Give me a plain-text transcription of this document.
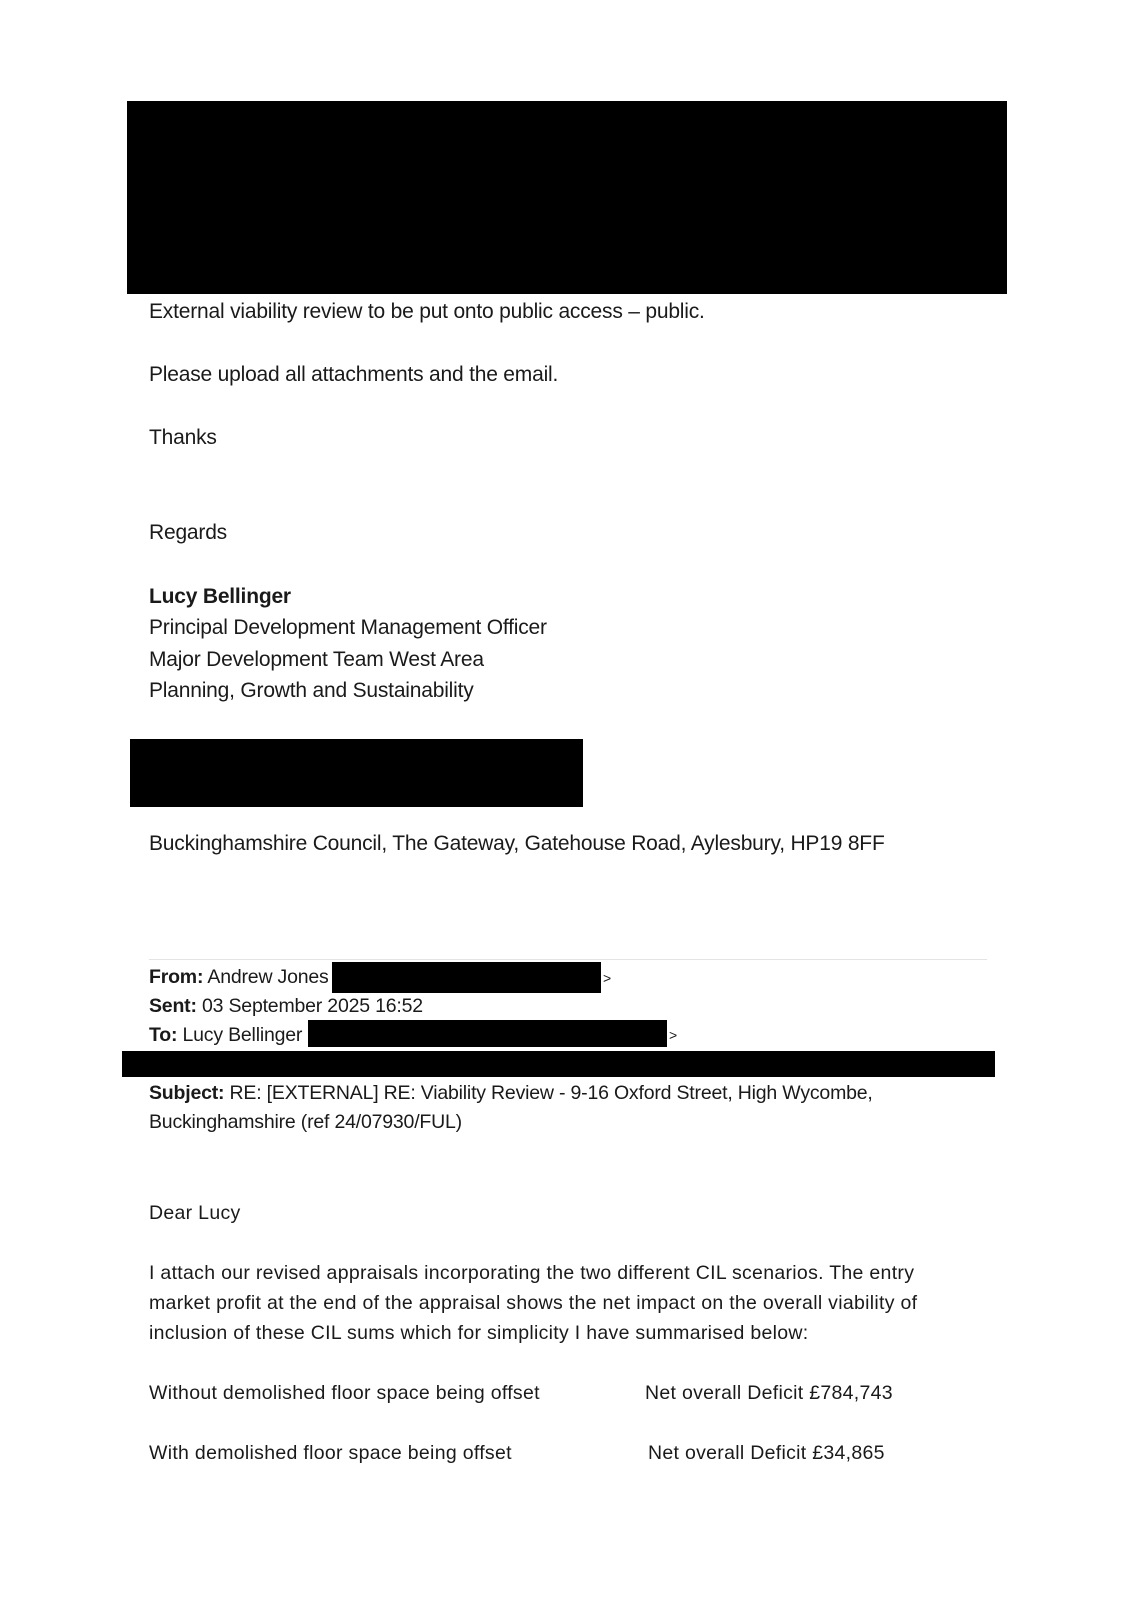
External viability review to be put onto public access – public.
Please upload all attachments and the email.
Thanks
Regards
Lucy Bellinger
Principal Development Management Officer
Major Development Team West Area
Planning, Growth and Sustainability
Buckinghamshire Council, The Gateway, Gatehouse Road, Aylesbury, HP19 8FF
From: Andrew Jones	>
Sent: 03 September 2025 16:52
To: Lucy Bellinger	>
Subject: RE: [EXTERNAL] RE: Viability Review - 9-16 Oxford Street, High Wycombe,
Buckinghamshire (ref 24/07930/FUL)
Dear Lucy
I attach our revised appraisals incorporating the two different CIL scenarios. The entry
market profit at the end of the appraisal shows the net impact on the overall viability of
inclusion of these CIL sums which for simplicity I have summarised below:
Without demolished floor space being offset	Net overall Deficit £784,743
With demolished floor space being offset	Net overall Deficit £34,865
